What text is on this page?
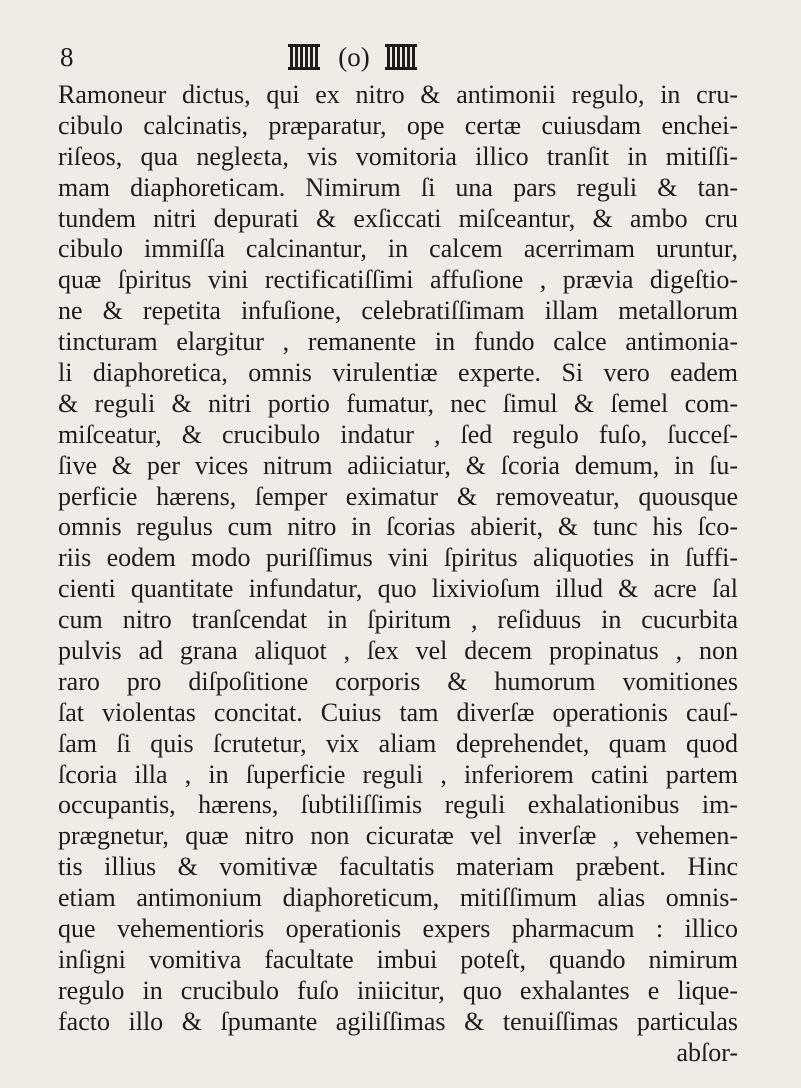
8	(o)
Ramoneur dictus, qui ex nitro & antimonii regulo, in cru-
cibulo calcinatis, præparatur, ope certæ cuiusdam enchei-
riſeos, qua negleɛta, vis vomitoria illico tranſit in mitiſſi-
mam diaphoreticam. Nimirum ſi una pars reguli & tan-
tundem nitri depurati & exſiccati miſceantur, & ambo cru
cibulo immiſſa calcinantur, in calcem acerrimam uruntur,
quæ ſpiritus vini rectificatiſſimi affuſione , prævia digeſtio-
ne & repetita infuſione, celebratiſſimam illam metallorum
tincturam elargitur , remanente in fundo calce antimonia-
li diaphoretica, omnis virulentiæ experte. Si vero eadem
& reguli & nitri portio fumatur, nec ſimul & ſemel com-
miſceatur, & crucibulo indatur , ſed regulo fuſo, ſucceſ-
ſive & per vices nitrum adiiciatur, & ſcoria demum, in ſu-
perficie hærens, ſemper eximatur & removeatur, quousque
omnis regulus cum nitro in ſcorias abierit, & tunc his ſco-
riis eodem modo puriſſimus vini ſpiritus aliquoties in ſuffi-
cienti quantitate infundatur, quo lixivioſum illud & acre ſal
cum nitro tranſcendat in ſpiritum , reſiduus in cucurbita
pulvis ad grana aliquot , ſex vel decem propinatus , non
raro pro diſpoſitione corporis & humorum vomitiones
ſat violentas concitat. Cuius tam diverſæ operationis cauſ-
ſam ſi quis ſcrutetur, vix aliam deprehendet, quam quod
ſcoria illa , in ſuperficie reguli , inferiorem catini partem
occupantis, hærens, ſubtiliſſimis reguli exhalationibus im-
prægnetur, quæ nitro non cicuratæ vel inverſæ , vehemen-
tis illius & vomitivæ facultatis materiam præbent. Hinc
etiam antimonium diaphoreticum, mitiſſimum alias omnis-
que vehementioris operationis expers pharmacum : illico
inſigni vomitiva facultate imbui poteſt, quando nimirum
regulo in crucibulo fuſo iniicitur, quo exhalantes e lique-
facto illo & ſpumante agiliſſimas & tenuiſſimas particulas
abſor-
